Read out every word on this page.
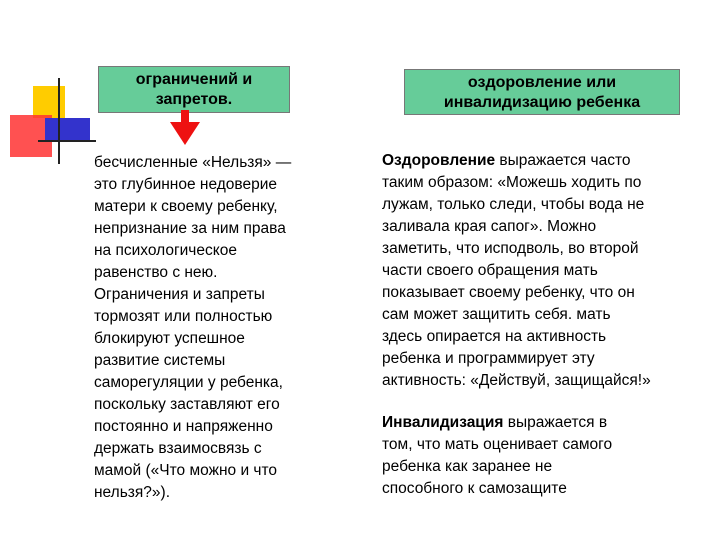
ограничений и
запретов.
оздоровление или
инвалидизацию ребенка
бесчисленные «Нельзя» —
это глубинное недоверие
матери к своему ребенку,
непризнание за ним права
на психологическое
равенство с нею.
Ограничения и запреты
тормозят или полностью
блокируют успешное
развитие системы
саморегуляции у ребенка,
поскольку заставляют его
постоянно и напряженно
держать взаимосвязь с
мамой («Что можно и что
нельзя?»).
Оздоровление выражается часто
таким образом: «Можешь ходить по
лужам, только следи, чтобы вода не
заливала края сапог». Можно
заметить, что исподволь, во второй
части своего обращения мать
показывает своему ребенку, что он
сам может защитить себя. мать
здесь опирается на активность
ребенка и программирует эту
активность: «Действуй, защищайся!»
Инвалидизация выражается в
том, что мать оценивает самого
ребенка как заранее не
способного к самозащите
